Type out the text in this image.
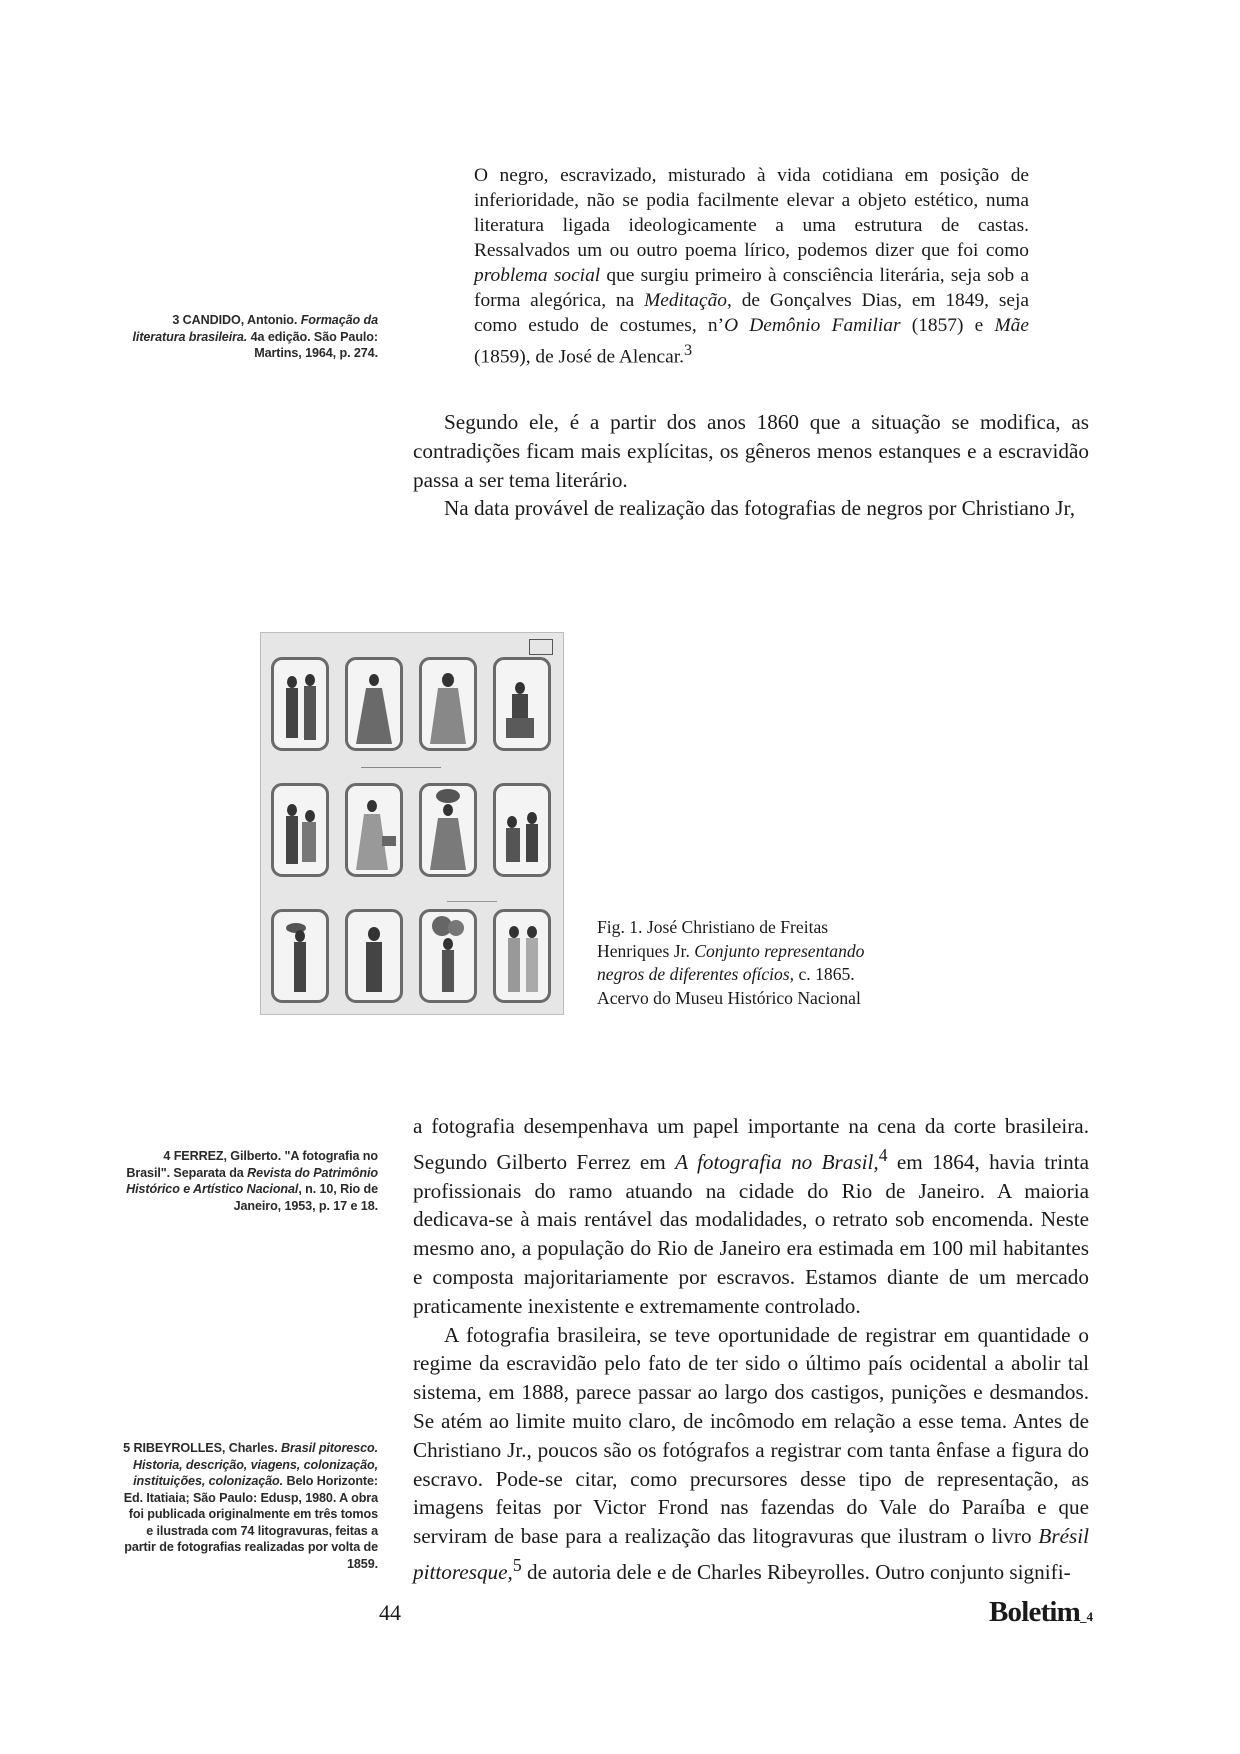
O negro, escravizado, misturado à vida cotidiana em posição de inferioridade, não se podia facilmente elevar a objeto estético, numa literatura ligada ideologicamente a uma estrutura de castas. Ressalvados um ou outro poema lírico, podemos dizer que foi como problema social que surgiu primeiro à consciência literária, seja sob a forma alegórica, na Meditação, de Gonçalves Dias, em 1849, seja como estudo de costumes, n’O Demônio Familiar (1857) e Mãe (1859), de José de Alencar.$^3$
3 CANDIDO, Antonio. Formação da literatura brasileira. 4a edição. São Paulo: Martins, 1964, p. 274.

Segundo ele, é a partir dos anos 1860 que a situação se modifica, as contradições ficam mais explícitas, os gêneros menos estanques e a escravidão passa a ser tema literário.

Na data provável de realização das fotografias de negros por Christiano Jr,

Fig. 1. José Christiano de Freitas Henriques Jr. Conjunto representando negros de diferentes ofícios, c. 1865. Acervo do Museu Histórico Nacional
4 FERREZ, Gilberto. "A fotografia no Brasil". Separata da Revista do Patrimônio Histórico e Artístico Nacional, n. 10, Rio de Janeiro, 1953, p. 17 e 18.
5 RIBEYROLLES, Charles. Brasil pitoresco. Historia, descrição, viagens, colonização, instituições, colonização. Belo Horizonte: Ed. Itatiaia; São Paulo: Edusp, 1980. A obra foi publicada originalmente em três tomos e ilustrada com 74 litogravuras, feitas a partir de fotografias realizadas por volta de 1859.

a fotografia desempenhava um papel importante na cena da corte brasileira. Segundo Gilberto Ferrez em A fotografia no Brasil,$^4$ em 1864, havia trinta profissionais do ramo atuando na cidade do Rio de Janeiro. A maioria dedicava-se à mais rentável das modalidades, o retrato sob encomenda. Neste mesmo ano, a população do Rio de Janeiro era estimada em 100 mil habitantes e composta majoritariamente por escravos. Estamos diante de um mercado praticamente inexistente e extremamente controlado.

A fotografia brasileira, se teve oportunidade de registrar em quantidade o regime da escravidão pelo fato de ter sido o último país ocidental a abolir tal sistema, em 1888, parece passar ao largo dos castigos, punições e desmandos. Se atém ao limite muito claro, de incômodo em relação a esse tema. Antes de Christiano Jr., poucos são os fotógrafos a registrar com tanta ênfase a figura do escravo. Pode-se citar, como precursores desse tipo de representação, as imagens feitas por Victor Frond nas fazendas do Vale do Paraíba e que serviram de base para a realização das litogravuras que ilustram o livro Brésil pittoresque,$^5$ de autoria dele e de Charles Ribeyrolles. Outro conjunto signifi-

44	Boletim_4
